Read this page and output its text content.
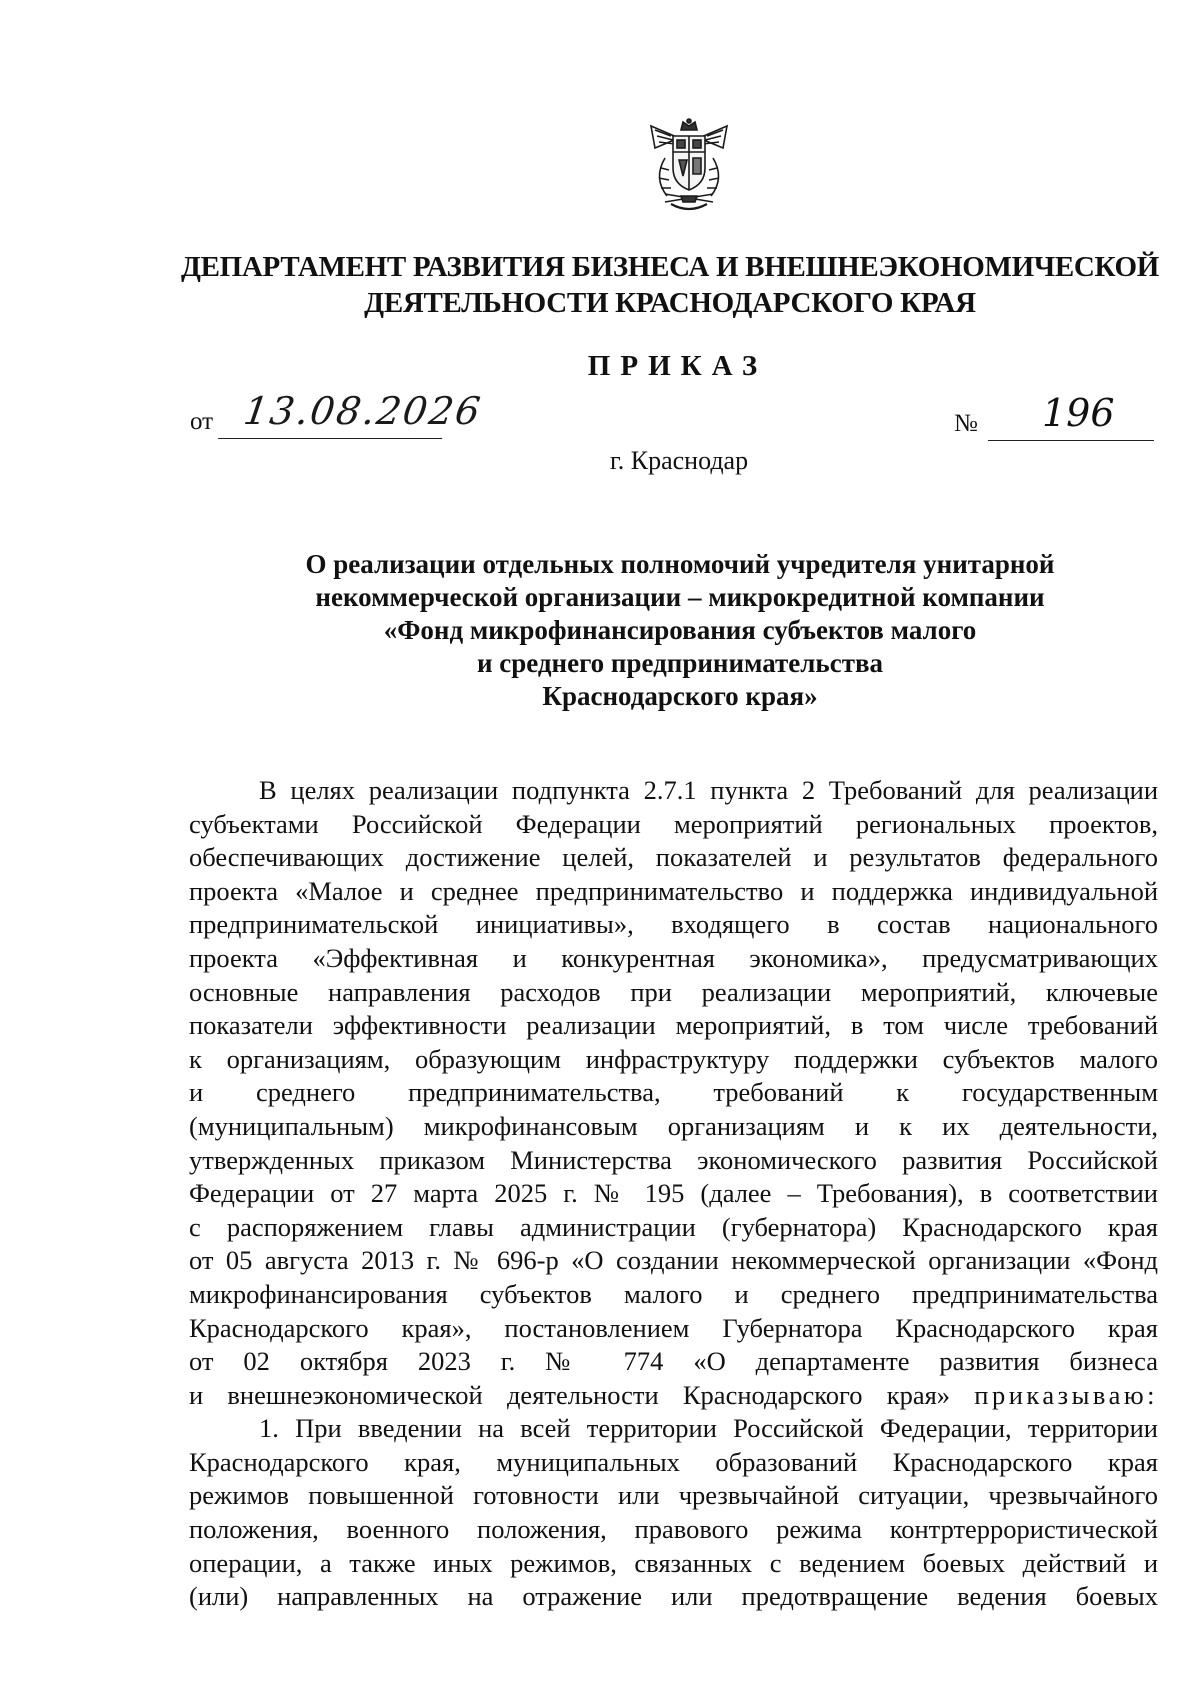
ДЕПАРТАМЕНТ РАЗВИТИЯ БИЗНЕСА И ВНЕШНЕЭКОНОМИЧЕСКОЙ
ДЕЯТЕЛЬНОСТИ КРАСНОДАРСКОГО КРАЯ
ПРИКАЗ
от 13.08.2026	№	196
г. Краснодар
О реализации отдельных полномочий учредителя унитарной
некоммерческой организации – микрокредитной компании
«Фонд микрофинансирования субъектов малого
и среднего предпринимательства
Краснодарского края»
В целях реализации подпункта 2.7.1 пункта 2 Требований для реализации
субъектами Российской Федерации мероприятий региональных проектов,
обеспечивающих достижение целей, показателей и результатов федерального
проекта «Малое и среднее предпринимательство и поддержка индивидуальной
предпринимательской инициативы», входящего в состав национального
проекта «Эффективная и конкурентная экономика», предусматривающих
основные направления расходов при реализации мероприятий, ключевые
показатели эффективности реализации мероприятий, в том числе требований
к организациям, образующим инфраструктуру поддержки субъектов малого
и среднего предпринимательства, требований к государственным
(муниципальным) микрофинансовым организациям и к их деятельности,
утвержденных приказом Министерства экономического развития Российской
Федерации от 27 марта 2025 г. № 195 (далее – Требования), в соответствии
с распоряжением главы администрации (губернатора) Краснодарского края
от 05 августа 2013 г. № 696-р «О создании некоммерческой организации «Фонд
микрофинансирования субъектов малого и среднего предпринимательства
Краснодарского края», постановлением Губернатора Краснодарского края
от 02 октября 2023 г. № 774 «О департаменте развития бизнеса
и внешнеэкономической деятельности Краснодарского края» приказываю:
1. При введении на всей территории Российской Федерации, территории
Краснодарского края, муниципальных образований Краснодарского края
режимов повышенной готовности или чрезвычайной ситуации, чрезвычайного
положения, военного положения, правового режима контртеррористической
операции, а также иных режимов, связанных с ведением боевых действий и
(или) направленных на отражение или предотвращение ведения боевых
